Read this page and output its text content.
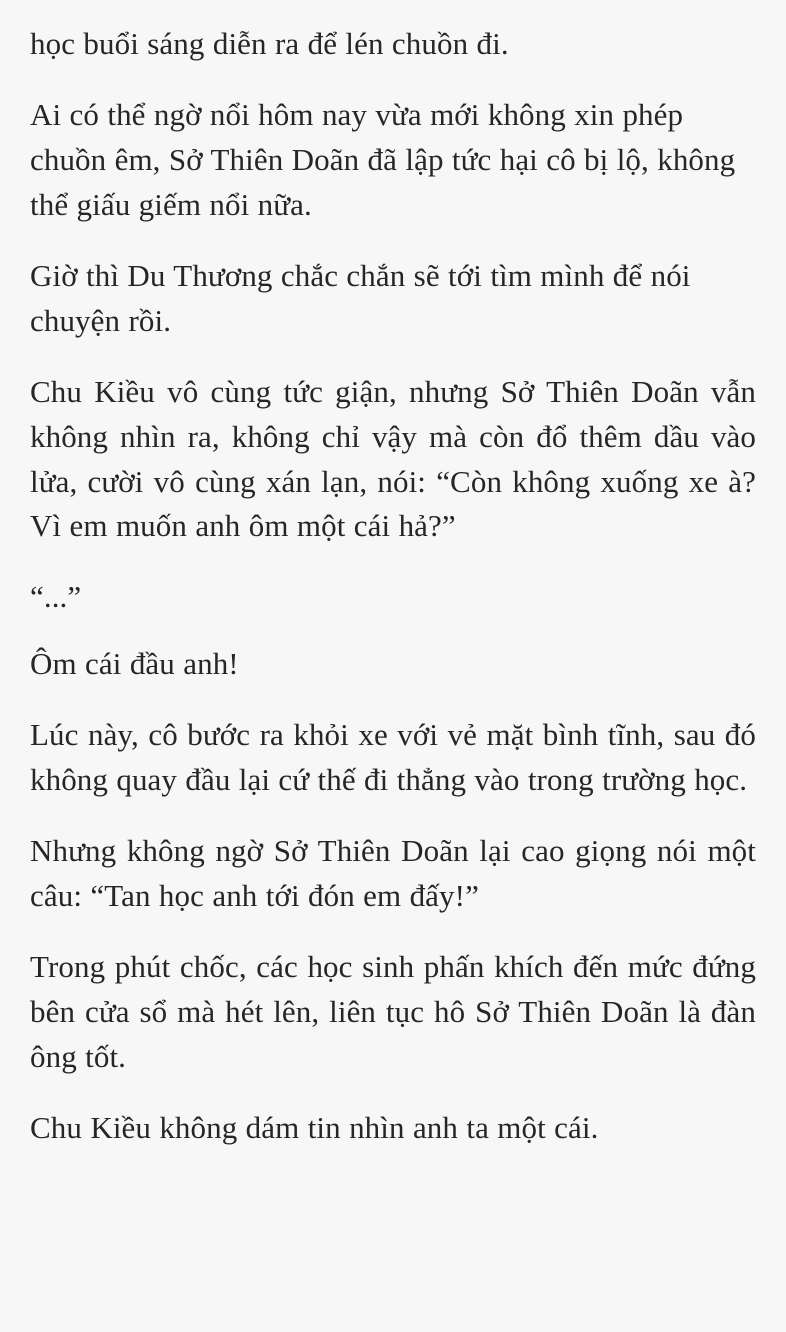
học buổi sáng diễn ra để lén chuồn đi.

Ai có thể ngờ nổi hôm nay vừa mới không xin phép chuồn êm, Sở Thiên Doãn đã lập tức hại cô bị lộ, không thể giấu giếm nổi nữa.

Giờ thì Du Thương chắc chắn sẽ tới tìm mình để nói chuyện rồi.

Chu Kiều vô cùng tức giận, nhưng Sở Thiên Doãn vẫn không nhìn ra, không chỉ vậy mà còn đổ thêm dầu vào lửa, cười vô cùng xán lạn, nói: “Còn không xuống xe à? Vì em muốn anh ôm một cái hả?”

“...”

Ôm cái đầu anh!

Lúc này, cô bước ra khỏi xe với vẻ mặt bình tĩnh, sau đó không quay đầu lại cứ thế đi thẳng vào trong trường học.

Nhưng không ngờ Sở Thiên Doãn lại cao giọng nói một câu: “Tan học anh tới đón em đấy!”

Trong phút chốc, các học sinh phấn khích đến mức đứng bên cửa sổ mà hét lên, liên tục hô Sở Thiên Doãn là đàn ông tốt.

Chu Kiều không dám tin nhìn anh ta một cái.
